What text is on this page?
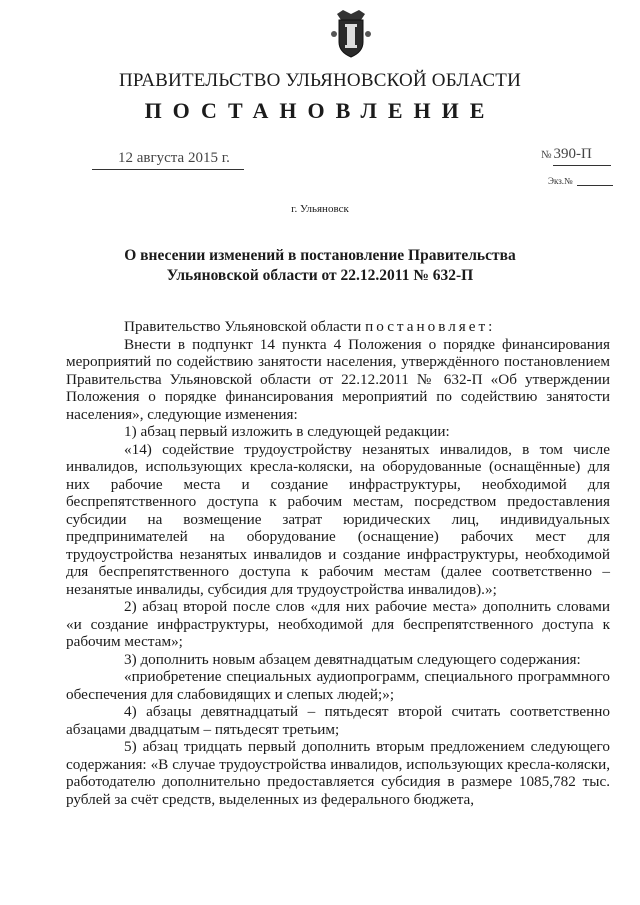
ПРАВИТЕЛЬСТВО УЛЬЯНОВСКОЙ ОБЛАСТИ
ПОСТАНОВЛЕНИЕ
12 августа 2015 г.	№ 390-П
Экз.№
г. Ульяновск
О внесении изменений в постановление Правительства
Ульяновской области от 22.12.2011 № 632-П

Правительство Ульяновской области постановляет:

Внести в подпункт 14 пункта 4 Положения о порядке финансирования мероприятий по содействию занятости населения, утверждённого постановлением Правительства Ульяновской области от 22.12.2011 № 632-П «Об утверждении Положения о порядке финансирования мероприятий по содействию занятости населения», следующие изменения:

1) абзац первый изложить в следующей редакции:

«14) содействие трудоустройству незанятых инвалидов, в том числе инвалидов, использующих кресла-коляски, на оборудованные (оснащённые) для них рабочие места и создание инфраструктуры, необходимой для беспрепятственного доступа к рабочим местам, посредством предоставления субсидии на возмещение затрат юридических лиц, индивидуальных предпринимателей на оборудование (оснащение) рабочих мест для трудоустройства незанятых инвалидов и создание инфраструктуры, необходимой для беспрепятственного доступа к рабочим местам (далее соответственно – незанятые инвалиды, субсидия для трудоустройства инвалидов).»;

2) абзац второй после слов «для них рабочие места» дополнить словами «и создание инфраструктуры, необходимой для беспрепятственного доступа к рабочим местам»;

3) дополнить новым абзацем девятнадцатым следующего содержания:

«приобретение специальных аудиопрограмм, специального программного обеспечения для слабовидящих и слепых людей;»;

4) абзацы девятнадцатый – пятьдесят второй считать соответственно абзацами двадцатым – пятьдесят третьим;

5) абзац тридцать первый дополнить вторым предложением следующего содержания: «В случае трудоустройства инвалидов, использующих кресла-коляски, работодателю дополнительно предоставляется субсидия в размере 1085,782 тыс. рублей за счёт средств, выделенных из федерального бюджета,
